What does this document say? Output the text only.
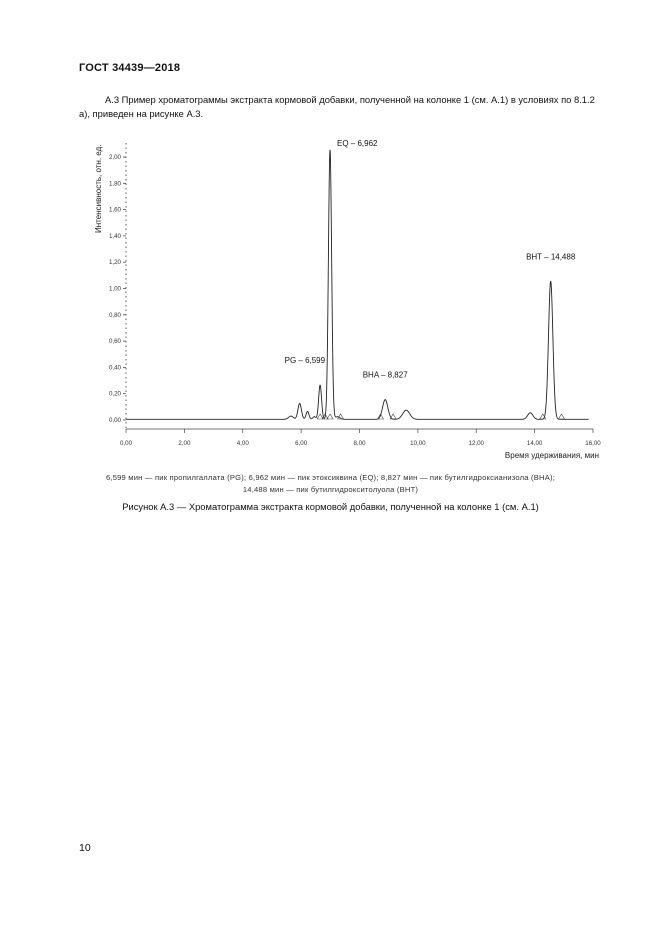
ГОСТ 34439—2018
А.3 Пример хроматограммы экстракта кормовой добавки, полученной на колонке 1 (см. А.1) в условиях по 8.1.2 а), приведен на рисунке А.3.
0,00
0,20
0,40
0,60
0,80
1,00
1,20
1,40
1,60
1,80
2,00
0,00	2,00	4,00	6,00	8,00	10,00	12,00	14,00	16,00
PG – 6,599
EQ – 6,962
BHA – 8,827
BHT – 14,488
Интенсивность, отн. ед.
Время удерживания, мин
6,599 мин — пик пропилгаллата (PG); 6,962 мин — пик этоксиквина (EQ); 8,827 мин — пик бутилгидроксианизола (BHA);
14,488 мин — пик бутилгидрокситолуола (BHT)
Рисунок А.3 — Хроматограмма экстракта кормовой добавки, полученной на колонке 1 (см. А.1)
10
